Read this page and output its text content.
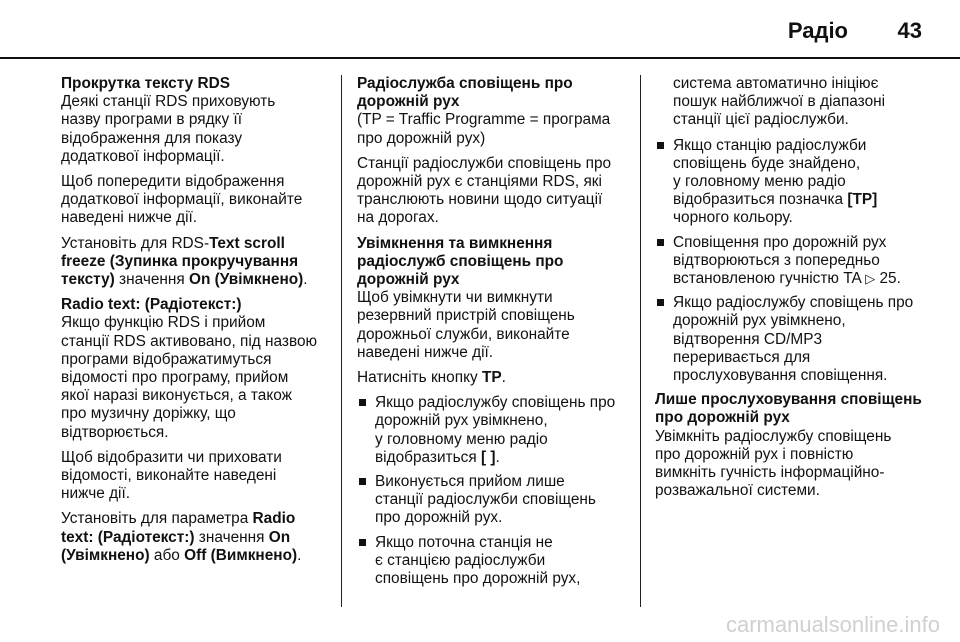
Радіо 43

Прокрутка тексту RDS
Деякі станції RDS приховують
назву програми в рядку її
відображення для показу
додаткової інформації.

Щоб попередити відображення
додаткової інформації, виконайте
наведені нижче дії.

Установіть для RDS-Text scroll
freeze (Зупинка прокручування
тексту) значення On (Увімкнено).

Radio text: (Радіотекст:)
Якщо функцію RDS і прийом
станції RDS активовано, під назвою
програми відображатимуться
відомості про програму, прийом
якої наразі виконується, а також
про музичну доріжку, що
відтворюється.

Щоб відобразити чи приховати
відомості, виконайте наведені
нижче дії.

Установіть для параметра Radio
text: (Радіотекст:) значення On
(Увімкнено) або Off (Вимкнено).

Радіослужба сповіщень про
дорожній рух
(TP = Traffic Programme = програма
про дорожній рух)

Станції радіослужби сповіщень про
дорожній рух є станціями RDS, які
транслюють новини щодо ситуації
на дорогах.

Увімкнення та вимкнення
радіослужб сповіщень про
дорожній рух
Щоб увімкнути чи вимкнути
резервний пристрій сповіщень
дорожньої служби, виконайте
наведені нижче дії.

Натисніть кнопку TP.

Якщо радіослужбу сповіщень про
дорожній рух увімкнено,
у головному меню радіо
відобразиться [ ].
Виконується прийом лише
станції радіослужби сповіщень
про дорожній рух.
Якщо поточна станція не
є станцією радіослужби
сповіщень про дорожній рух,

система автоматично ініціює
пошук найближчої в діапазоні
станції цієї радіослужби.

Якщо станцію радіослужби
сповіщень буде знайдено,
у головному меню радіо
відобразиться позначка [TP]
чорного кольору.
Сповіщення про дорожній рух
відтворюються з попередньо
встановленою гучністю TA ▷ 25.
Якщо радіослужбу сповіщень про
дорожній рух увімкнено,
відтворення CD/MP3
переривається для
прослуховування сповіщення.

Лише прослуховування сповіщень
про дорожній рух
Увімкніть радіослужбу сповіщень
про дорожній рух і повністю
вимкніть гучність інформаційно-
розважальної системи.

carmanualsonline.info
